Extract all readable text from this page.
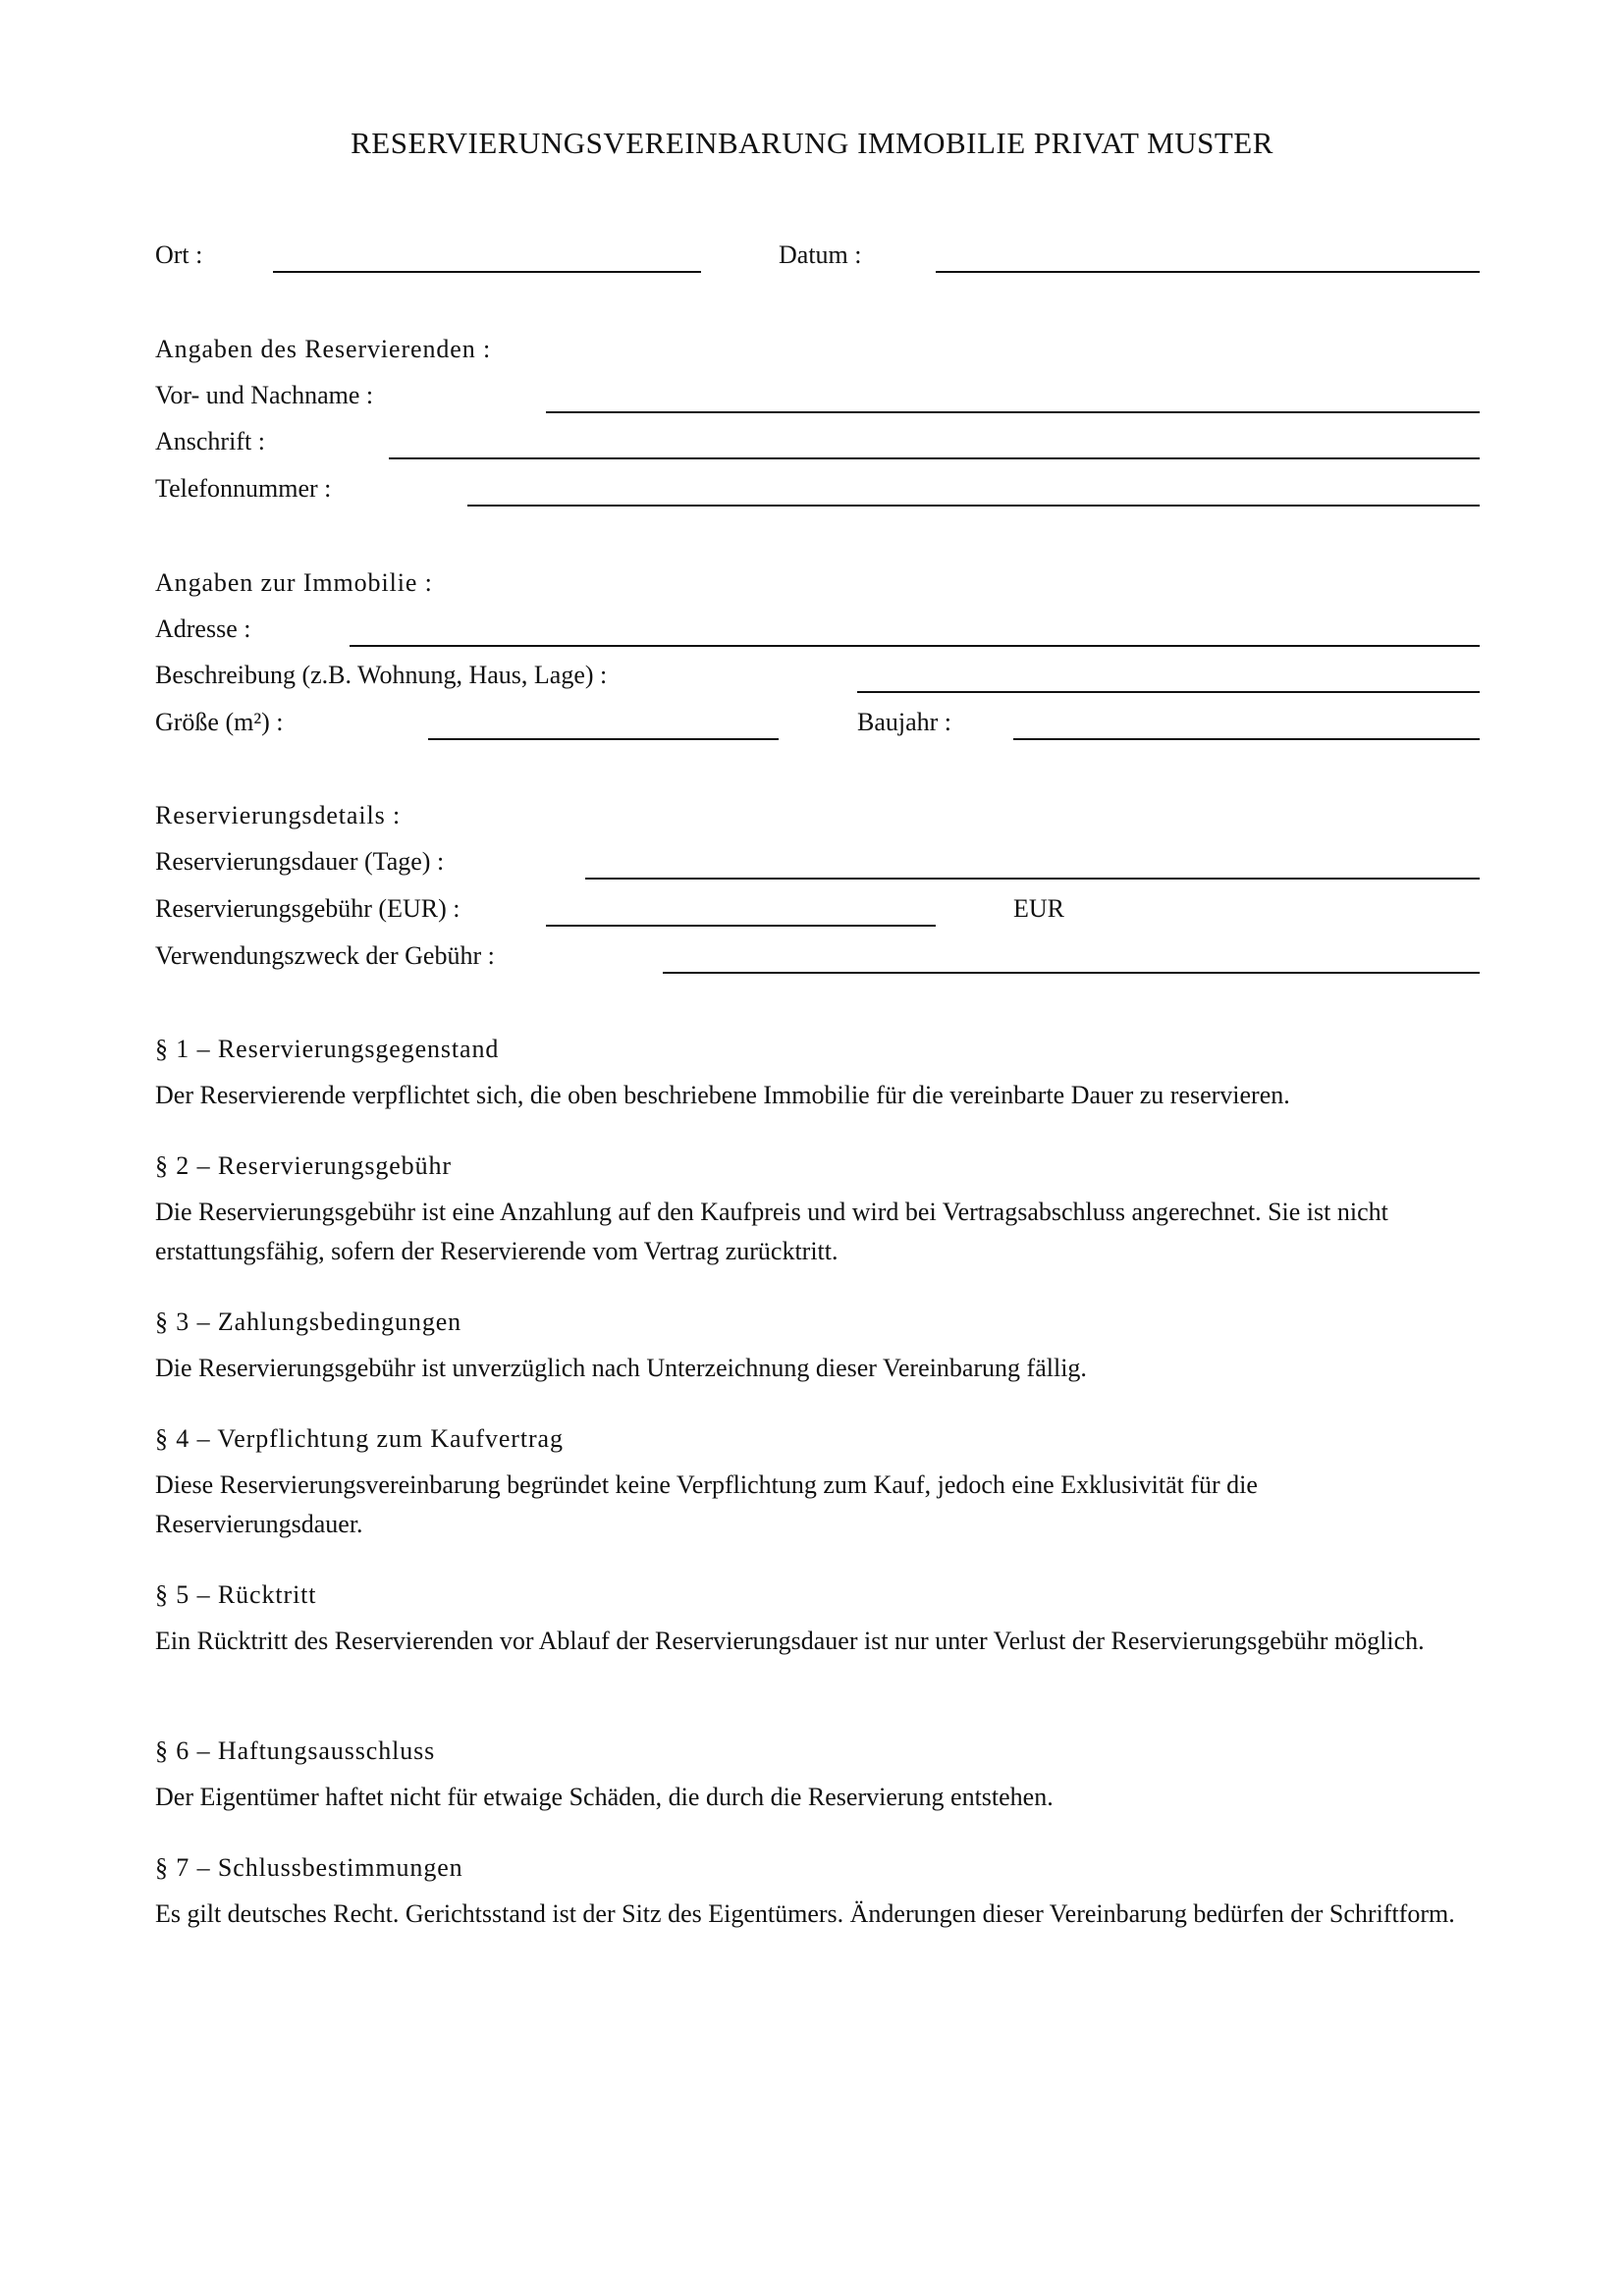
RESERVIERUNGSVEREINBARUNG IMMOBILIE PRIVAT MUSTER
Ort :	Datum :
Angaben des Reservierenden :
Vor- und Nachname :
Anschrift :
Telefonnummer :
Angaben zur Immobilie :
Adresse :
Beschreibung (z.B. Wohnung, Haus, Lage) :
Größe (m²) :	Baujahr :
Reservierungsdetails :
Reservierungsdauer (Tage) :
Reservierungsgebühr (EUR) :	EUR
Verwendungszweck der Gebühr :
§ 1 – Reservierungsgegenstand
Der Reservierende verpflichtet sich, die oben beschriebene Immobilie für die vereinbarte Dauer zu reservieren.
§ 2 – Reservierungsgebühr
Die Reservierungsgebühr ist eine Anzahlung auf den Kaufpreis und wird bei Vertragsabschluss angerechnet. Sie ist nicht erstattungsfähig, sofern der Reservierende vom Vertrag zurücktritt.
§ 3 – Zahlungsbedingungen
Die Reservierungsgebühr ist unverzüglich nach Unterzeichnung dieser Vereinbarung fällig.
§ 4 – Verpflichtung zum Kaufvertrag
Diese Reservierungsvereinbarung begründet keine Verpflichtung zum Kauf, jedoch eine Exklusivität für die Reservierungsdauer.
§ 5 – Rücktritt
Ein Rücktritt des Reservierenden vor Ablauf der Reservierungsdauer ist nur unter Verlust der Reservierungsgebühr möglich.
§ 6 – Haftungsausschluss
Der Eigentümer haftet nicht für etwaige Schäden, die durch die Reservierung entstehen.
§ 7 – Schlussbestimmungen
Es gilt deutsches Recht. Gerichtsstand ist der Sitz des Eigentümers. Änderungen dieser Vereinbarung bedürfen der Schriftform.
